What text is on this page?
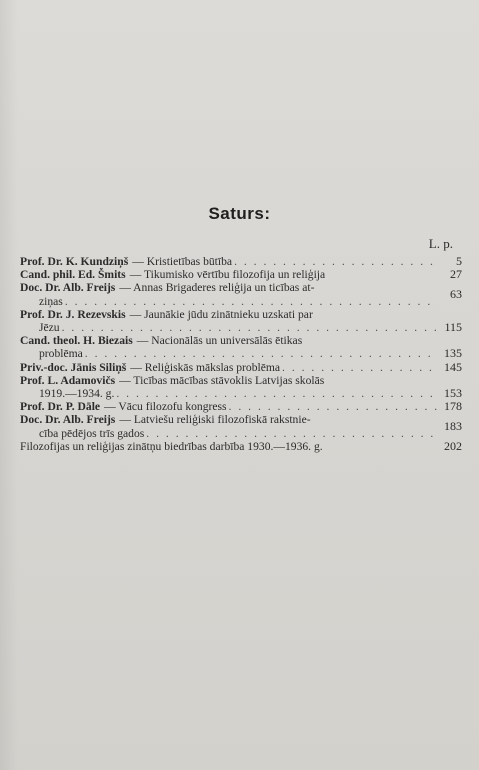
Saturs:
L. p.
Prof. Dr. K. Kundziņš — Kristietības būtība . . .	5
Cand. phil. Ed. Šmits — Tikumisko vērtību filozofija un reliģija	27
Doc. Dr. Alb. Freijs — Annas Brigaderes reliģija un ticības at-
ziņas . . .	63
Prof. Dr. J. Rezevskis — Jaunākie jūdu zinātnieku uzskati par
Jēzu . . .	115
Cand. theol. H. Biezais — Nacionālās un universālās ētikas
problēma . . .	135
Priv.-doc. Jānis Siliņš — Reliģiskās mākslas problēma . . .	145
Prof. L. Adamovičs — Ticības mācības stāvoklis Latvijas skolās
1919.—1934. g. . . .	153
Prof. Dr. P. Dāle — Vācu filozofu kongress . . .	178
Doc. Dr. Alb. Freijs — Latviešu reliģiski filozofiskā rakstnie-
cība pēdējos trīs gados . . .	183
Filozofijas un reliģijas zinātņu biedrības darbība 1930.—1936. g.	202
